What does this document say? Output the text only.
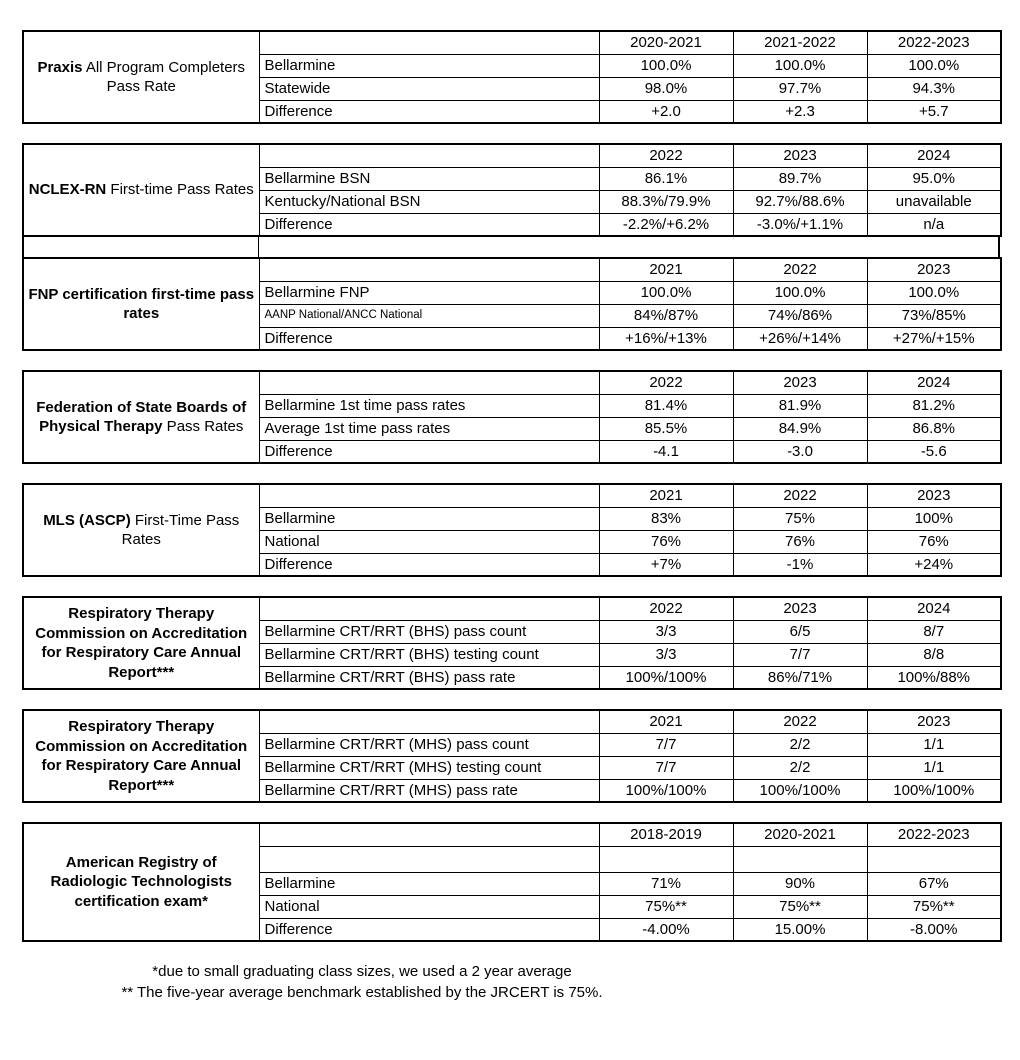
Praxis All Program Completers Pass Rate		2020-2021	2021-2022	2022-2023
	Bellarmine	100.0%	100.0%	100.0%
	Statewide	98.0%	97.7%	94.3%
	Difference	+2.0	+2.3	+5.7
NCLEX-RN First-time Pass Rates		2022	2023	2024
	Bellarmine BSN	86.1%	89.7%	95.0%
	Kentucky/National BSN	88.3%/79.9%	92.7%/88.6%	unavailable
	Difference	-2.2%/+6.2%	-3.0%/+1.1%	n/a
FNP certification first-time pass rates		2021	2022	2023
	Bellarmine FNP	100.0%	100.0%	100.0%
	AANP National/ANCC National	84%/87%	74%/86%	73%/85%
	Difference	+16%/+13%	+26%/+14%	+27%/+15%
Federation of State Boards of Physical Therapy Pass Rates		2022	2023	2024
	Bellarmine 1st time pass rates	81.4%	81.9%	81.2%
	Average 1st time pass rates	85.5%	84.9%	86.8%
	Difference	-4.1	-3.0	-5.6
MLS (ASCP) First-Time Pass Rates		2021	2022	2023
	Bellarmine	83%	75%	100%
	National	76%	76%	76%
	Difference	+7%	-1%	+24%
Respiratory Therapy Commission on Accreditation for Respiratory Care Annual Report***		2022	2023	2024
	Bellarmine CRT/RRT (BHS) pass count	3/3	6/5	8/7
	Bellarmine CRT/RRT (BHS) testing count	3/3	7/7	8/8
	Bellarmine CRT/RRT (BHS) pass rate	100%/100%	86%/71%	100%/88%
Respiratory Therapy Commission on Accreditation for Respiratory Care Annual Report***		2021	2022	2023
	Bellarmine CRT/RRT (MHS) pass count	7/7	2/2	1/1
	Bellarmine CRT/RRT (MHS) testing count	7/7	2/2	1/1
	Bellarmine CRT/RRT (MHS) pass rate	100%/100%	100%/100%	100%/100%
American Registry of Radiologic Technologists certification exam*		2018-2019	2020-2021	2022-2023

	Bellarmine	71%	90%	67%
	National	75%**	75%**	75%**
	Difference	-4.00%	15.00%	-8.00%
*due to small graduating class sizes, we used a 2 year average
** The five-year average benchmark established by the JRCERT is 75%.
